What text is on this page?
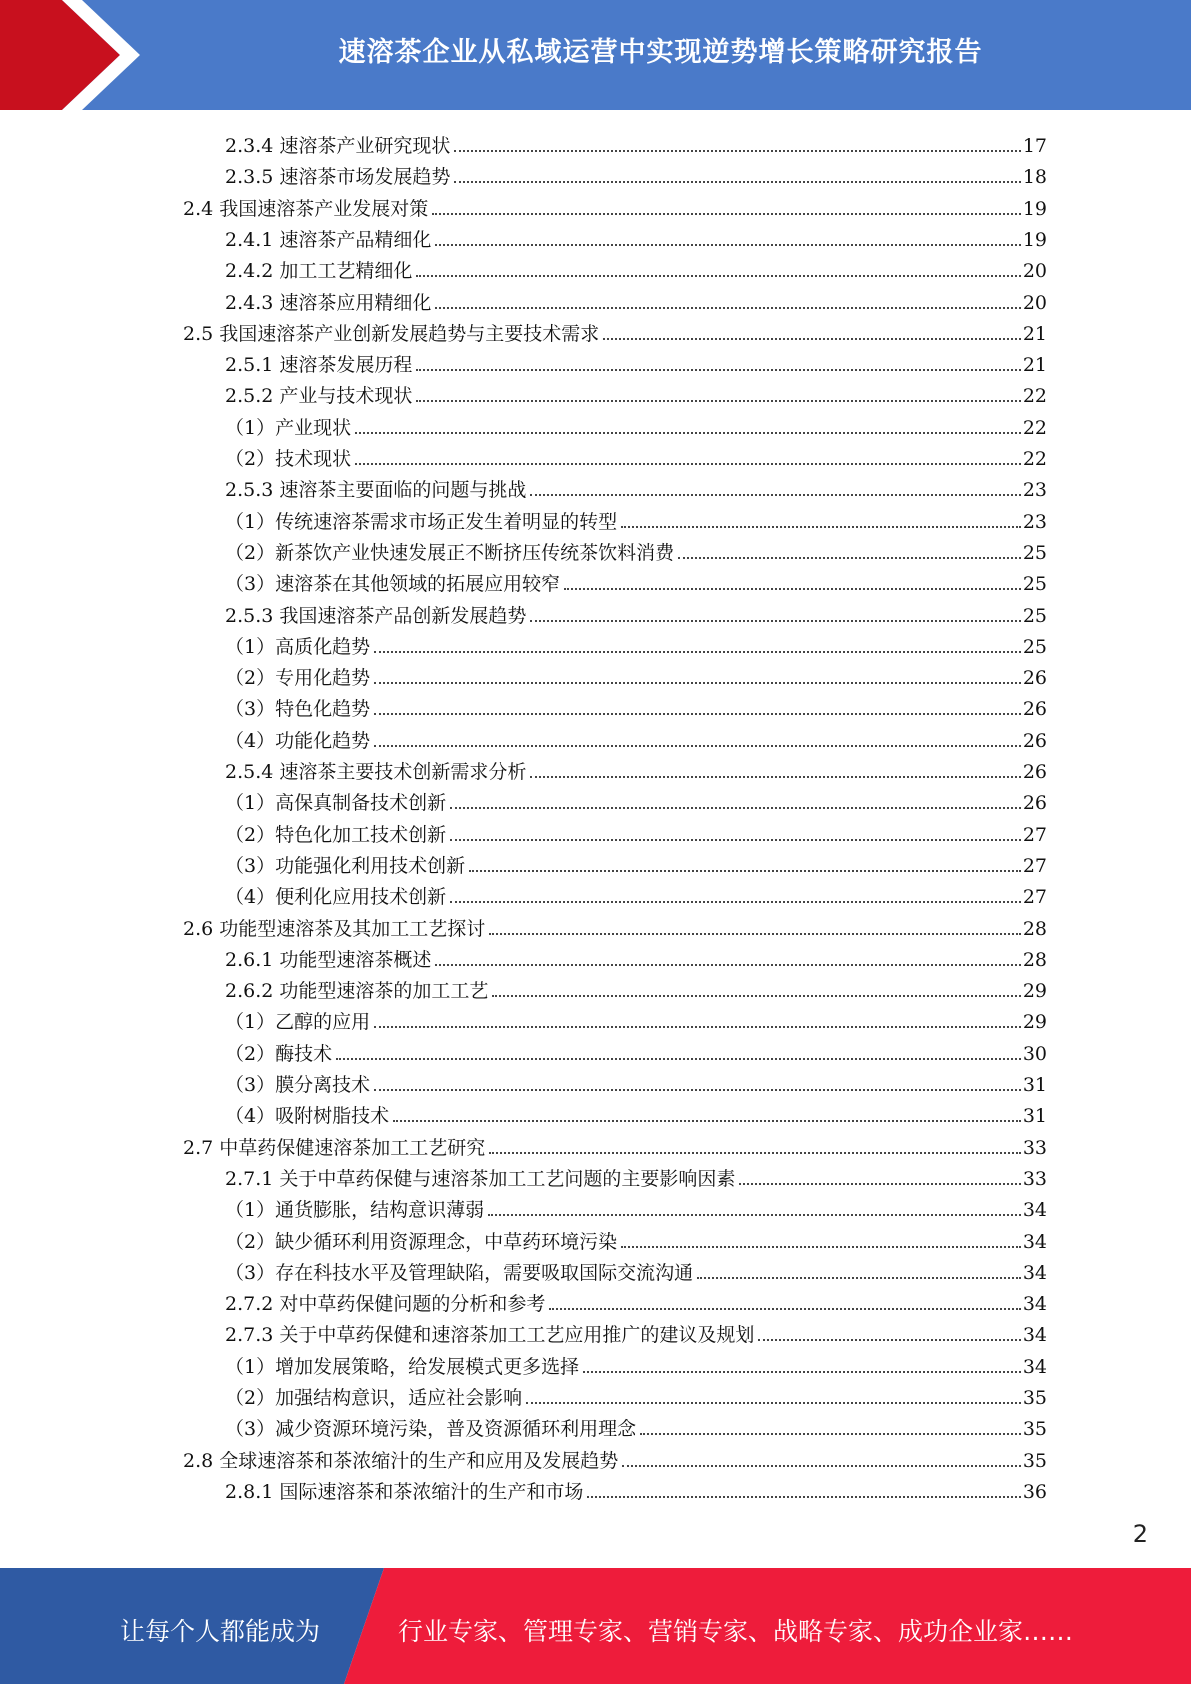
速溶茶企业从私域运营中实现逆势增长策略研究报告
2.3.4 速溶茶产业研究现状	17
2.3.5 速溶茶市场发展趋势	18
2.4 我国速溶茶产业发展对策	19
2.4.1 速溶茶产品精细化	19
2.4.2 加工工艺精细化	20
2.4.3 速溶茶应用精细化	20
2.5 我国速溶茶产业创新发展趋势与主要技术需求	21
2.5.1 速溶茶发展历程	21
2.5.2 产业与技术现状	22
（1）产业现状	22
（2）技术现状	22
2.5.3 速溶茶主要面临的问题与挑战	23
（1）传统速溶茶需求市场正发生着明显的转型	23
（2）新茶饮产业快速发展正不断挤压传统茶饮料消费	25
（3）速溶茶在其他领域的拓展应用较窄	25
2.5.3 我国速溶茶产品创新发展趋势	25
（1）高质化趋势	25
（2）专用化趋势	26
（3）特色化趋势	26
（4）功能化趋势	26
2.5.4 速溶茶主要技术创新需求分析	26
（1）高保真制备技术创新	26
（2）特色化加工技术创新	27
（3）功能强化利用技术创新	27
（4）便利化应用技术创新	27
2.6 功能型速溶茶及其加工工艺探讨	28
2.6.1 功能型速溶茶概述	28
2.6.2 功能型速溶茶的加工工艺	29
（1）乙醇的应用	29
（2）酶技术	30
（3）膜分离技术	31
（4）吸附树脂技术	31
2.7 中草药保健速溶茶加工工艺研究	33
2.7.1 关于中草药保健与速溶茶加工工艺问题的主要影响因素	33
（1）通货膨胀，结构意识薄弱	34
（2）缺少循环利用资源理念，中草药环境污染	34
（3）存在科技水平及管理缺陷，需要吸取国际交流沟通	34
2.7.2 对中草药保健问题的分析和参考	34
2.7.3 关于中草药保健和速溶茶加工工艺应用推广的建议及规划	34
（1）增加发展策略，给发展模式更多选择	34
（2）加强结构意识，适应社会影响	35
（3）减少资源环境污染，普及资源循环利用理念	35
2.8 全球速溶茶和茶浓缩汁的生产和应用及发展趋势	35
2.8.1 国际速溶茶和茶浓缩汁的生产和市场	36
2
让每个人都能成为	行业专家、管理专家、营销专家、战略专家、成功企业家……
